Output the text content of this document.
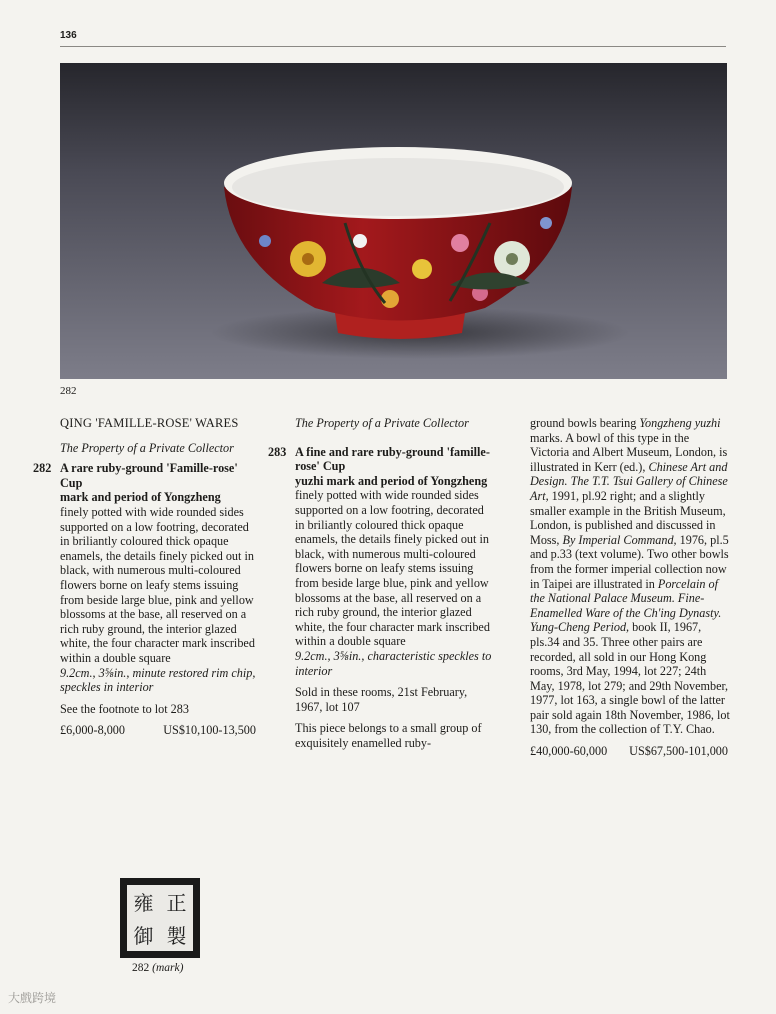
136
282
QING 'FAMILLE-ROSE' WARES
The Property of a Private Collector
282 A rare ruby-ground 'Famille-rose' Cup
mark and period of Yongzheng
finely potted with wide rounded sides supported on a low footring, decorated in briliantly coloured thick opaque enamels, the details finely picked out in black, with numerous multi-coloured flowers borne on leafy stems issuing from beside large blue, pink and yellow blossoms at the base, all reserved on a rich ruby ground, the interior glazed white, the four character mark inscribed within a double square
9.2cm., 3⅝in., minute restored rim chip, speckles in interior
See the footnote to lot 283
£6,000-8,000	US$10,100-13,500
The Property of a Private Collector
283 A fine and rare ruby-ground 'famille-rose' Cup
yuzhi mark and period of Yongzheng
finely potted with wide rounded sides supported on a low footring, decorated in briliantly coloured thick opaque enamels, the details finely picked out in black, with numerous multi-coloured flowers borne on leafy stems issuing from beside large blue, pink and yellow blossoms at the base, all reserved on a rich ruby ground, the interior glazed white, the four character mark inscribed within a double square
9.2cm., 3⅝in., characteristic speckles to interior
Sold in these rooms, 21st February, 1967, lot 107
This piece belongs to a small group of exquisitely enamelled ruby-
ground bowls bearing Yongzheng yuzhi marks. A bowl of this type in the Victoria and Albert Museum, London, is illustrated in Kerr (ed.), Chinese Art and Design. The T.T. Tsui Gallery of Chinese Art, 1991, pl.92 right; and a slightly smaller example in the British Museum, London, is published and discussed in Moss, By Imperial Command, 1976, pl.5 and p.33 (text volume). Two other bowls from the former imperial collection now in Taipei are illustrated in Porcelain of the National Palace Museum. Fine-Enamelled Ware of the Ch'ing Dynasty. Yung-Cheng Period, book II, 1967, pls.34 and 35. Three other pairs are recorded, all sold in our Hong Kong rooms, 3rd May, 1994, lot 227; 24th May, 1978, lot 279; and 29th November, 1977, lot 163, a single bowl of the latter pair sold again 18th November, 1986, lot 130, from the collection of T.Y. Chao.
£40,000-60,000 US$67,500-101,000
雍 正
御 製
282 (mark)
大戲跨境
